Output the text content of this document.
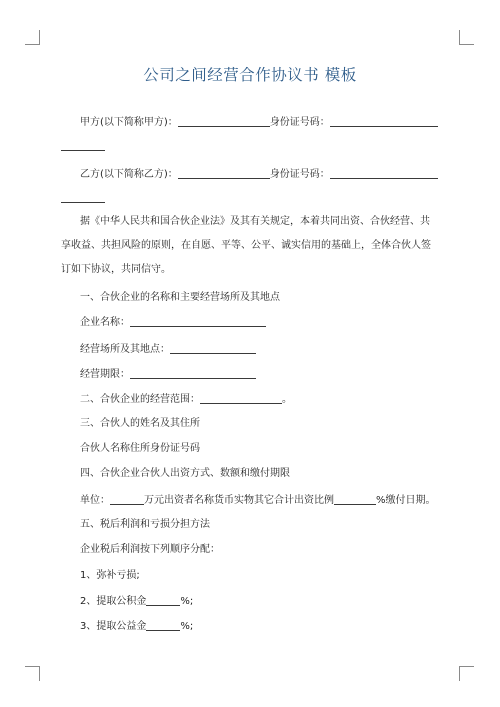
公司之间经营合作协议书 模板
甲方(以下简称甲方)：	身份证号码：
乙方(以下简称乙方)：	身份证号码：
据《中华人民共和国合伙企业法》及其有关规定，本着共同出资、合伙经营、共
享收益、共担风险的原则，在自愿、平等、公平、诚实信用的基础上，全体合伙人签
订如下协议，共同信守。
一、合伙企业的名称和主要经营场所及其地点
企业名称：
经营场所及其地点：
经营期限：
二、合伙企业的经营范围：	。
三、合伙人的姓名及其住所
合伙人名称住所身份证号码
四、合伙企业合伙人出资方式、数额和缴付期限
单位：	万元出资者名称货币实物其它合计出资比例	%缴付日期。
五、税后利润和亏损分担方法
企业税后利润按下列顺序分配：
1、弥补亏损;
2、提取公积金	%;
3、提取公益金	%;
